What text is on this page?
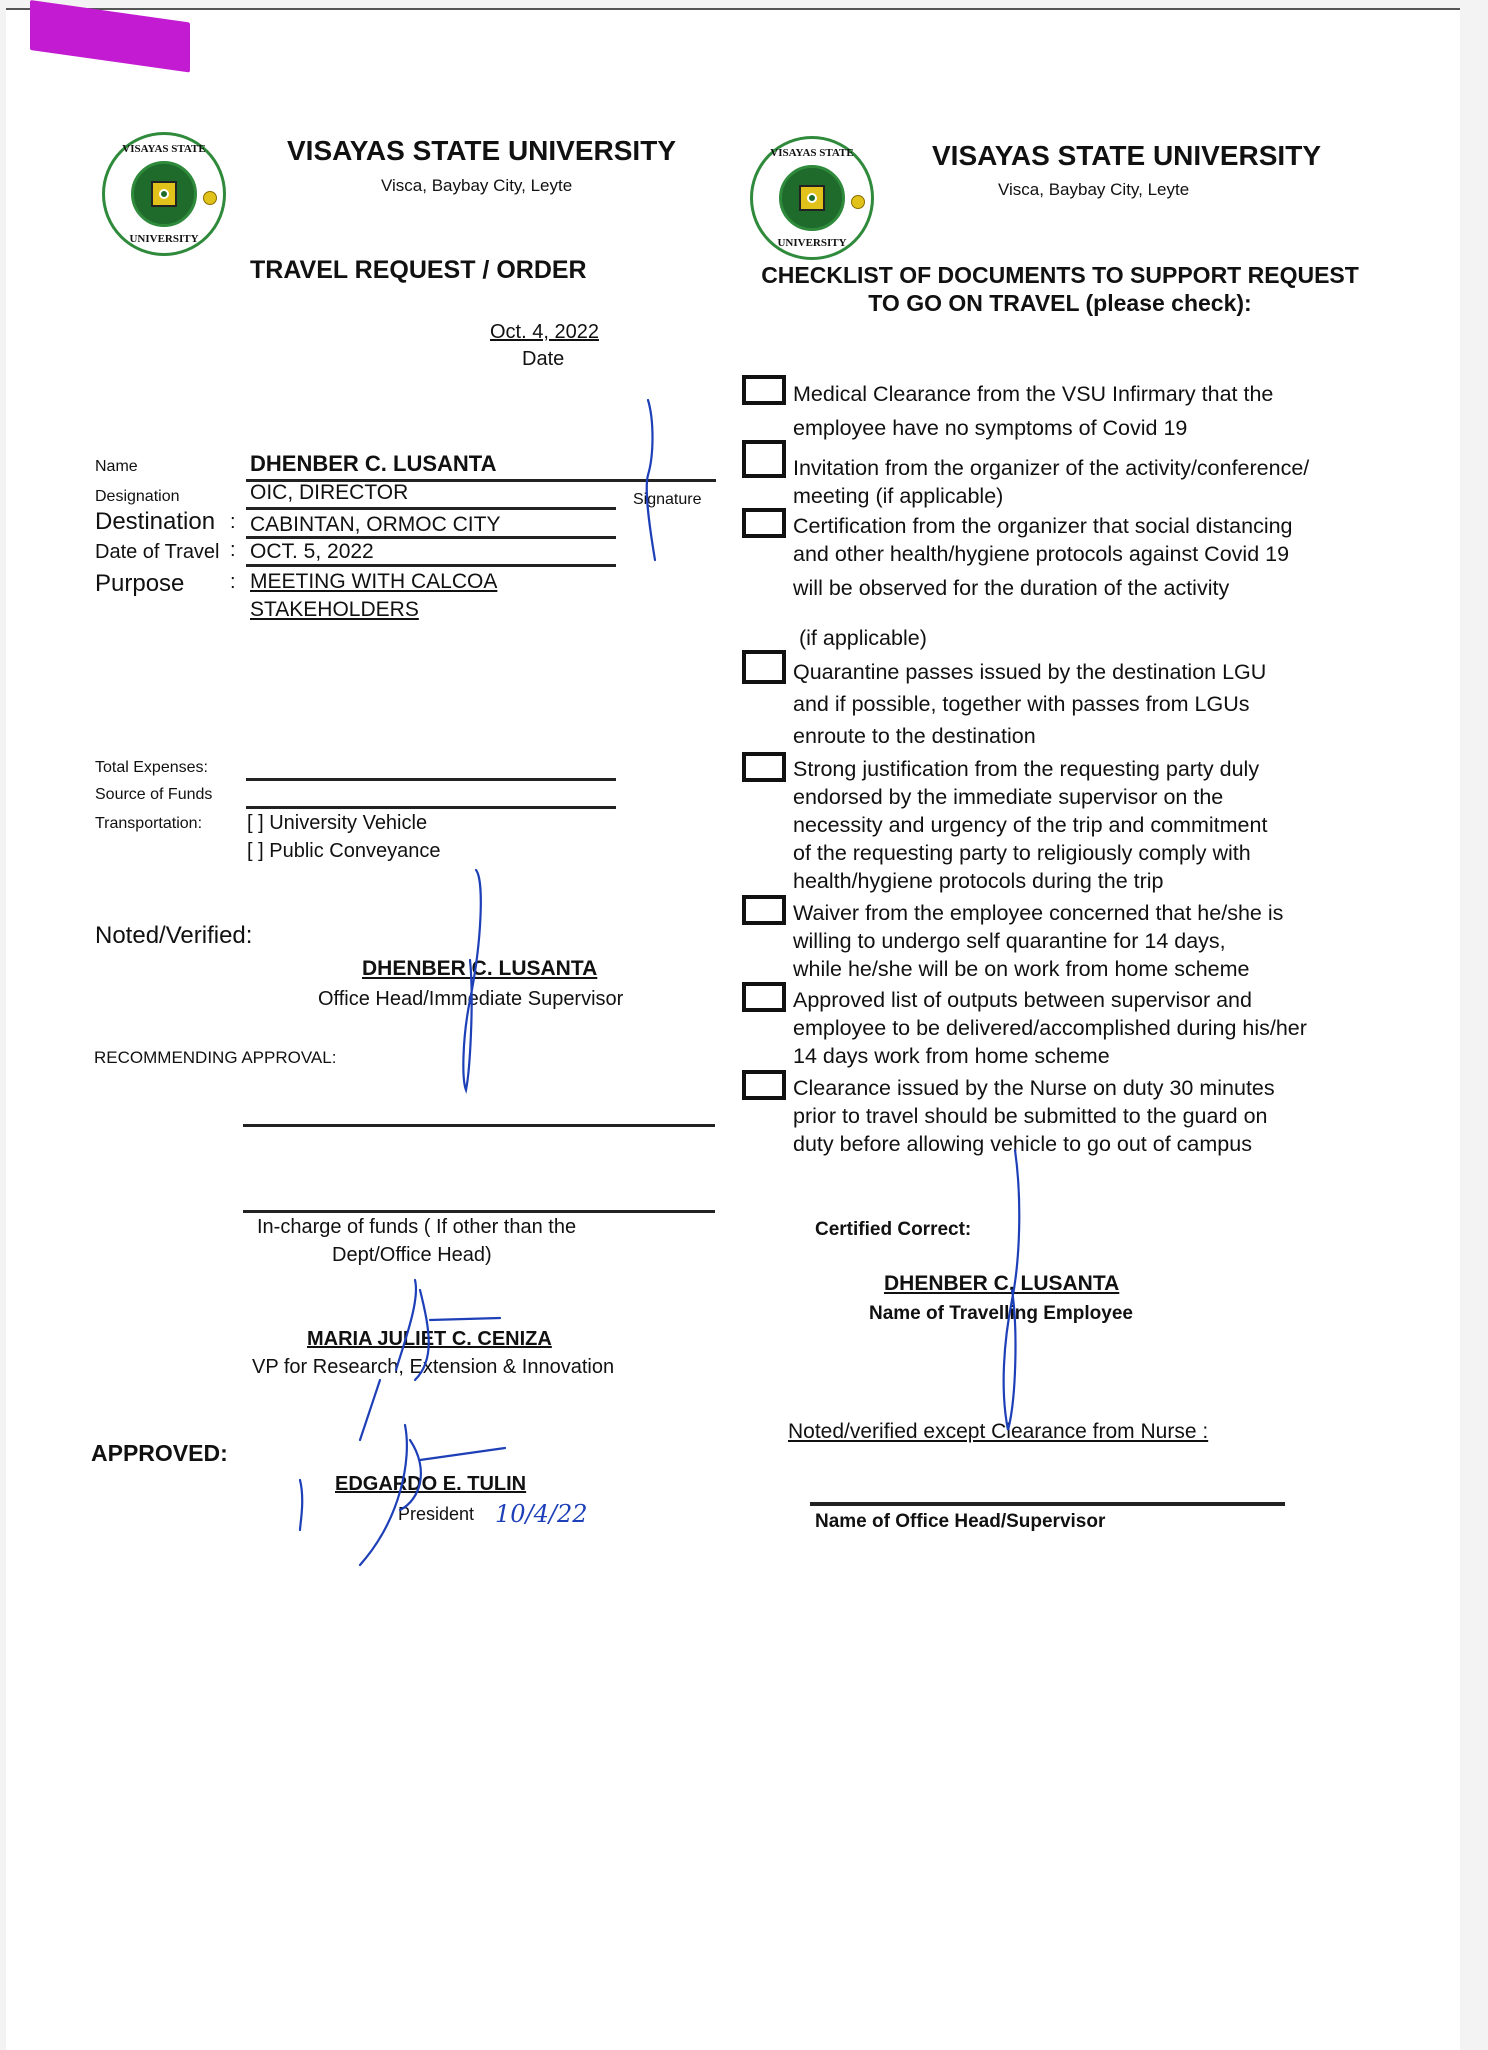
VISAYAS STATE
UNIVERSITY
VISAYAS STATE UNIVERSITY
Visca, Baybay City, Leyte
TRAVEL REQUEST / ORDER
Oct. 4, 2022
Date
Name	DHENBER C. LUSANTA
Designation	OIC, DIRECTOR	Signature
Destination : CABINTAN, ORMOC CITY
Date of Travel : OCT. 5, 2022
Purpose : MEETING WITH CALCOA
STAKEHOLDERS
Total Expenses:
Source of Funds
Transportation: [ ] University Vehicle
[ ] Public Conveyance
Noted/Verified:
DHENBER C. LUSANTA
Office Head/Immediate Supervisor
RECOMMENDING APPROVAL:
In-charge of funds ( If other than the
Dept/Office Head)
MARIA JULIET C. CENIZA
VP for Research, Extension & Innovation
APPROVED:
EDGARDO E. TULIN
President 10/4/22
VISAYAS STATE
UNIVERSITY
VISAYAS STATE UNIVERSITY
Visca, Baybay City, Leyte
CHECKLIST OF DOCUMENTS TO SUPPORT REQUEST
TO GO ON TRAVEL (please check):
Medical Clearance from the VSU Infirmary that the
employee have no symptoms of Covid 19
Invitation from the organizer of the activity/conference/
meeting (if applicable)
Certification from the organizer that social distancing
and other health/hygiene protocols against Covid 19
will be observed for the duration of the activity
(if applicable)
Quarantine passes issued by the destination LGU
and if possible, together with passes from LGUs
enroute to the destination
Strong justification from the requesting party duly
endorsed by the immediate supervisor on the
necessity and urgency of the trip and commitment
of the requesting party to religiously comply with
health/hygiene protocols during the trip
Waiver from the employee concerned that he/she is
willing to undergo self quarantine for 14 days,
while he/she will be on work from home scheme
Approved list of outputs between supervisor and
employee to be delivered/accomplished during his/her
14 days work from home scheme
Clearance issued by the Nurse on duty 30 minutes
prior to travel should be submitted to the guard on
duty before allowing vehicle to go out of campus
Certified Correct:
DHENBER C. LUSANTA
Name of Travelling Employee
Noted/verified except Clearance from Nurse :
Name of Office Head/Supervisor
